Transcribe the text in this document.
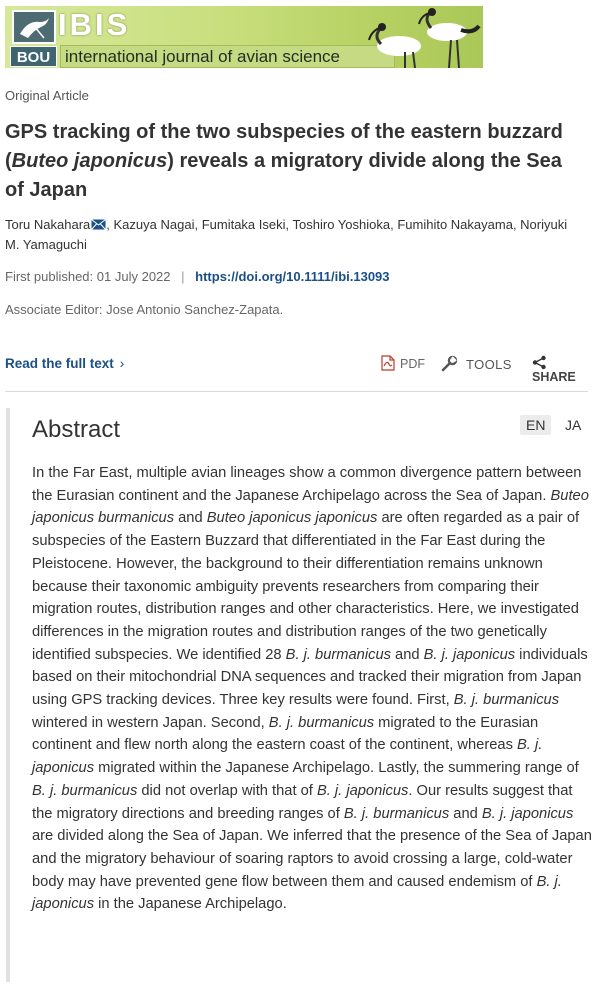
IBIS
BOU international journal of avian science
Original Article
GPS tracking of the two subspecies of the eastern buzzard (Buteo japonicus) reveals a migratory divide along the Sea of Japan
Toru Nakahara , Kazuya Nagai, Fumitaka Iseki, Toshiro Yoshioka, Fumihito Nakayama, Noriyuki M. Yamaguchi
First published: 01 July 2022 | https://doi.org/10.1111/ibi.13093
Associate Editor: Jose Antonio Sanchez-Zapata.
Read the full text ›	PDF	TOOLS
SHARE
Abstract	EN	JA

In the Far East, multiple avian lineages show a common divergence pattern between the Eurasian continent and the Japanese Archipelago across the Sea of Japan. Buteo japonicus burmanicus and Buteo japonicus japonicus are often regarded as a pair of subspecies of the Eastern Buzzard that differentiated in the Far East during the Pleistocene. However, the background to their differentiation remains unknown because their taxonomic ambiguity prevents researchers from comparing their migration routes, distribution ranges and other characteristics. Here, we investigated differences in the migration routes and distribution ranges of the two genetically identified subspecies. We identified 28 B. j. burmanicus and B. j. japonicus individuals based on their mitochondrial DNA sequences and tracked their migration from Japan using GPS tracking devices. Three key results were found. First, B. j. burmanicus wintered in western Japan. Second, B. j. burmanicus migrated to the Eurasian continent and flew north along the eastern coast of the continent, whereas B. j. japonicus migrated within the Japanese Archipelago. Lastly, the summering range of B. j. burmanicus did not overlap with that of B. j. japonicus. Our results suggest that the migratory directions and breeding ranges of B. j. burmanicus and B. j. japonicus are divided along the Sea of Japan. We inferred that the presence of the Sea of Japan and the migratory behaviour of soaring raptors to avoid crossing a large, cold-water body may have prevented gene flow between them and caused endemism of B. j. japonicus in the Japanese Archipelago.
